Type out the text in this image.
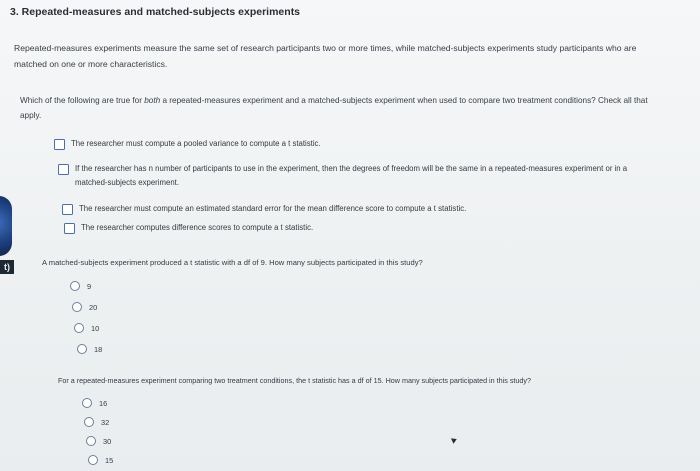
t)
3. Repeated-measures and matched-subjects experiments
Repeated-measures experiments measure the same set of research participants two or more times, while matched-subjects experiments study participants who are matched on one or more characteristics.
Which of the following are true for both a repeated-measures experiment and a matched-subjects experiment when used to compare two treatment conditions? Check all that apply.
The researcher must compute a pooled variance to compute a t statistic.
If the researcher has n number of participants to use in the experiment, then the degrees of freedom will be the same in a repeated-measures experiment or in a matched-subjects experiment.
The researcher must compute an estimated standard error for the mean difference score to compute a t statistic.
The researcher computes difference scores to compute a t statistic.
A matched-subjects experiment produced a t statistic with a df of 9. How many subjects participated in this study?
9
20
10
18
For a repeated-measures experiment comparing two treatment conditions, the t statistic has a df of 15. How many subjects participated in this study?
16
32
30
15
